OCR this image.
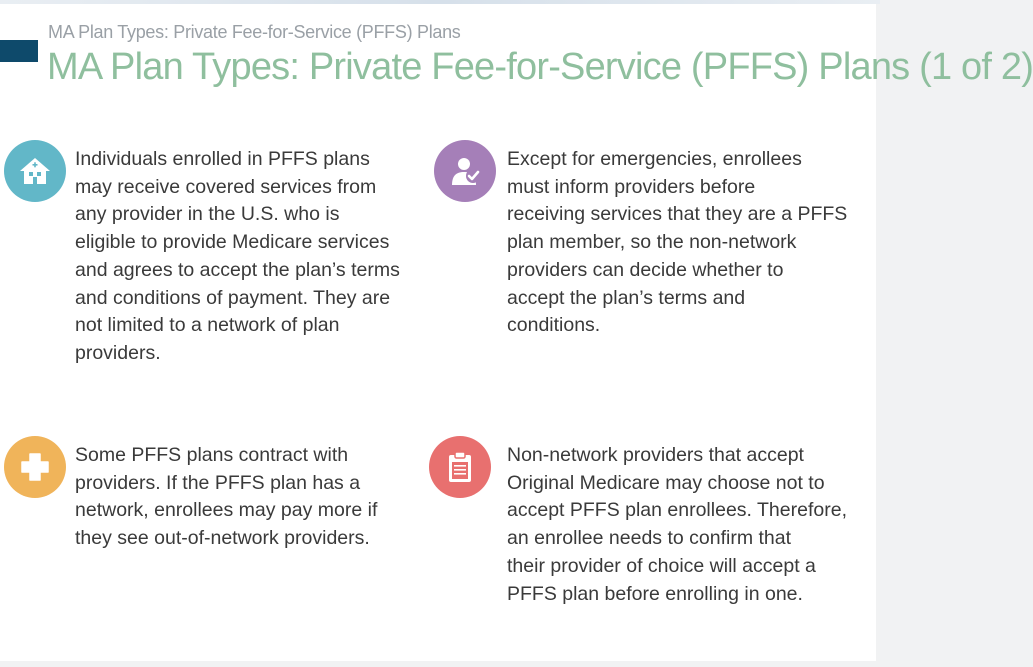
MA Plan Types: Private Fee-for-Service (PFFS) Plans
MA Plan Types: Private Fee-for-Service (PFFS) Plans (1 of 2)
Individuals enrolled in PFFS plans
may receive covered services from
any provider in the U.S. who is
eligible to provide Medicare services
and agrees to accept the plan’s terms
and conditions of payment. They are
not limited to a network of plan
providers.
Except for emergencies, enrollees
must inform providers before
receiving services that they are a PFFS
plan member, so the non-network
providers can decide whether to
accept the plan’s terms and
conditions.
Some PFFS plans contract with
providers. If the PFFS plan has a
network, enrollees may pay more if
they see out-of-network providers.
Non-network providers that accept
Original Medicare may choose not to
accept PFFS plan enrollees. Therefore,
an enrollee needs to confirm that
their provider of choice will accept a
PFFS plan before enrolling in one.
